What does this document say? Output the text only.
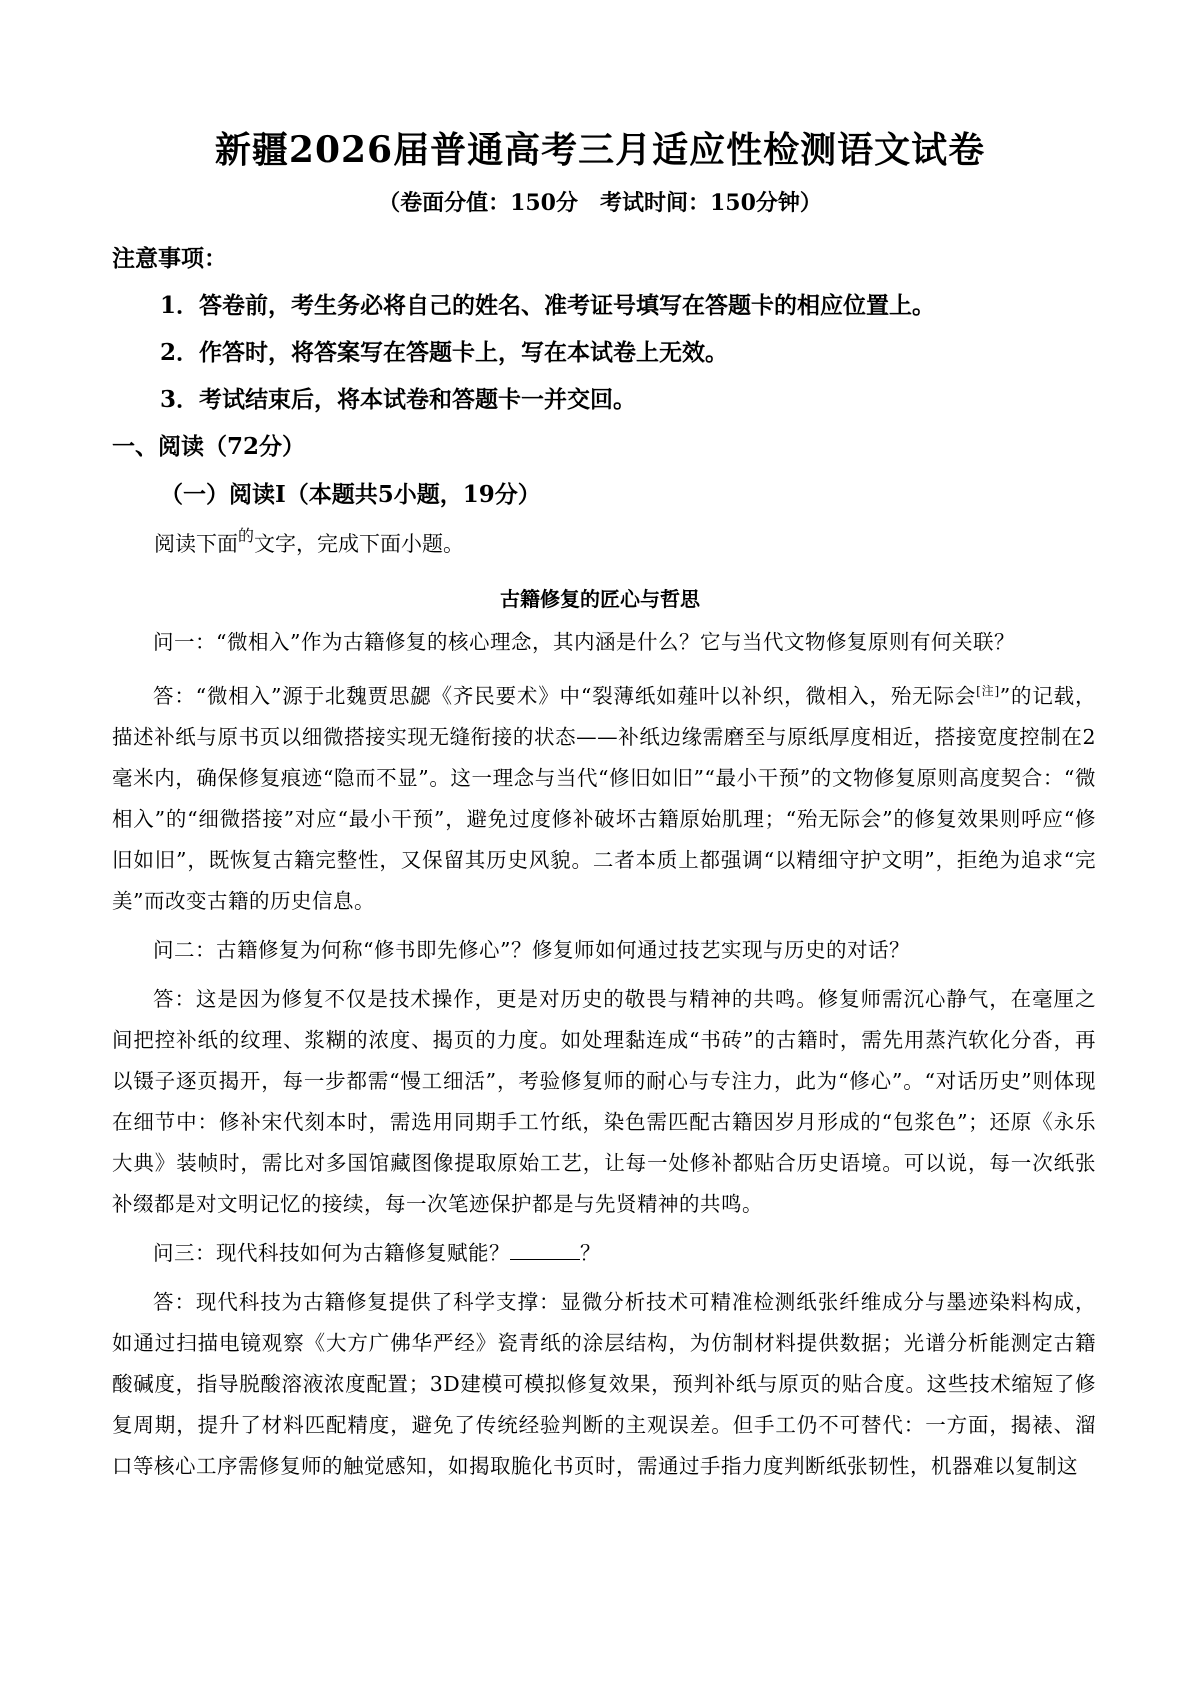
新疆2026届普通高考三月适应性检测语文试卷
（卷面分值：150分　考试时间：150分钟）
注意事项：
1．答卷前，考生务必将自己的姓名、准考证号填写在答题卡的相应位置上。
2．作答时，将答案写在答题卡上，写在本试卷上无效。
3．考试结束后，将本试卷和答题卡一并交回。
一、阅读（72分）
（一）阅读Ⅰ（本题共5小题，19分）
阅读下面$^的$文字，完成下面小题。
古籍修复的匠心与哲思

问一：“微相入”作为古籍修复的核心理念，其内涵是什么？它与当代文物修复原则有何关联？

答：“微相入”源于北魏贾思勰《齐民要术》中“裂薄纸如薤叶以补织，微相入，殆无际会[注]”的记载，描述补纸与原书页以细微搭接实现无缝衔接的状态——补纸边缘需磨至与原纸厚度相近，搭接宽度控制在2毫米内，确保修复痕迹“隐而不显”。这一理念与当代“修旧如旧”“最小干预”的文物修复原则高度契合：“微相入”的“细微搭接”对应“最小干预”，避免过度修补破坏古籍原始肌理；“殆无际会”的修复效果则呼应“修旧如旧”，既恢复古籍完整性，又保留其历史风貌。二者本质上都强调“以精细守护文明”，拒绝为追求“完美”而改变古籍的历史信息。

问二：古籍修复为何称“修书即先修心”？修复师如何通过技艺实现与历史的对话？

答：这是因为修复不仅是技术操作，更是对历史的敬畏与精神的共鸣。修复师需沉心静气，在毫厘之间把控补纸的纹理、浆糊的浓度、揭页的力度。如处理黏连成“书砖”的古籍时，需先用蒸汽软化分沓，再以镊子逐页揭开，每一步都需“慢工细活”，考验修复师的耐心与专注力，此为“修心”。“对话历史”则体现在细节中：修补宋代刻本时，需选用同期手工竹纸，染色需匹配古籍因岁月形成的“包浆色”；还原《永乐大典》装帧时，需比对多国馆藏图像提取原始工艺，让每一处修补都贴合历史语境。可以说，每一次纸张补缀都是对文明记忆的接续，每一次笔迹保护都是与先贤精神的共鸣。

问三：现代科技如何为古籍修复赋能？	？

答：现代科技为古籍修复提供了科学支撑：显微分析技术可精准检测纸张纤维成分与墨迹染料构成，如通过扫描电镜观察《大方广佛华严经》瓷青纸的涂层结构，为仿制材料提供数据；光谱分析能测定古籍酸碱度，指导脱酸溶液浓度配置；3D建模可模拟修复效果，预判补纸与原页的贴合度。这些技术缩短了修复周期，提升了材料匹配精度，避免了传统经验判断的主观误差。但手工仍不可替代：一方面，揭裱、溜口等核心工序需修复师的触觉感知，如揭取脆化书页时，需通过手指力度判断纸张韧性，机器难以复制这
